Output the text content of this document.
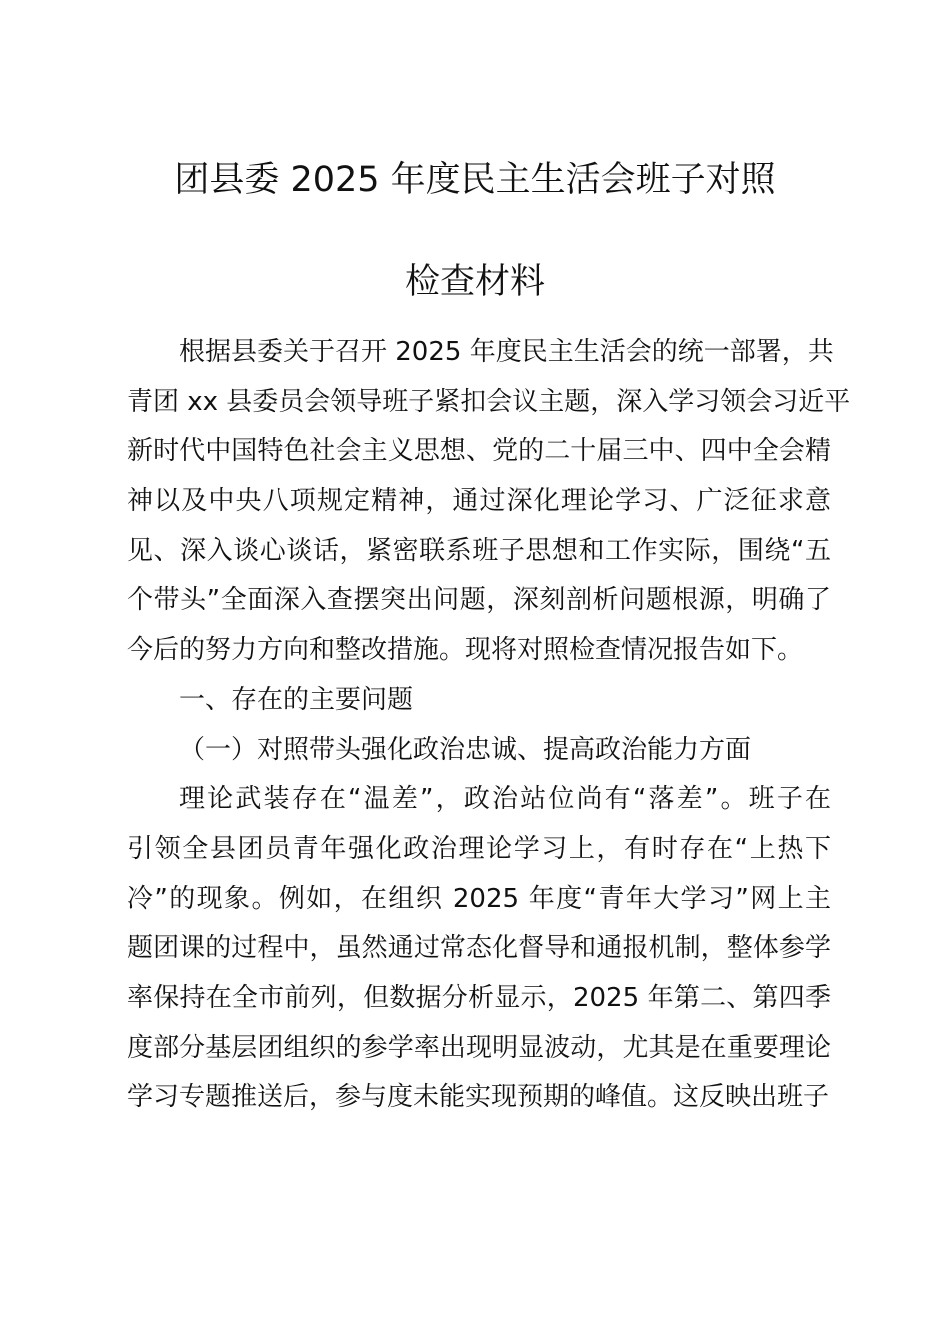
团县委 2025 年度民主生活会班子对照
检查材料
根据县委关于召开 2025 年度民主生活会的统一部署，共
青团 xx 县委员会领导班子紧扣会议主题，深入学习领会习近平
新时代中国特色社会主义思想、党的二十届三中、四中全会精
神以及中央八项规定精神，通过深化理论学习、广泛征求意
见、深入谈心谈话，紧密联系班子思想和工作实际，围绕“五
个带头”全面深入查摆突出问题，深刻剖析问题根源，明确了
今后的努力方向和整改措施。现将对照检查情况报告如下。
一、存在的主要问题
（一）对照带头强化政治忠诚、提高政治能力方面
理论武装存在“温差”，政治站位尚有“落差”。班子在
引领全县团员青年强化政治理论学习上，有时存在“上热下
冷”的现象。例如，在组织 2025 年度“青年大学习”网上主
题团课的过程中，虽然通过常态化督导和通报机制，整体参学
率保持在全市前列，但数据分析显示，2025 年第二、第四季
度部分基层团组织的参学率出现明显波动，尤其是在重要理论
学习专题推送后，参与度未能实现预期的峰值。这反映出班子
